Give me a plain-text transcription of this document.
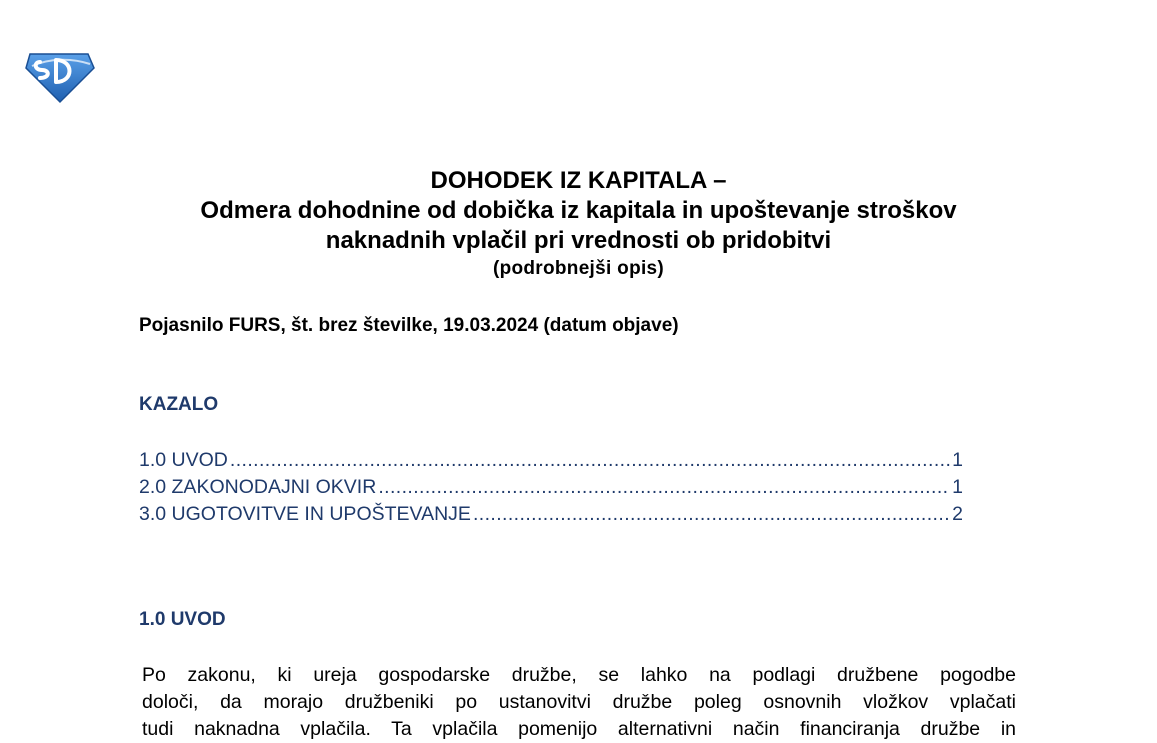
DOHODEK IZ KAPITALA –

Odmera dohodnine od dobička iz kapitala in upoštevanje stroškov

naknadnih vplačil pri vrednosti ob pridobitvi

(podrobnejši opis)
Pojasnilo FURS, št. brez številke, 19.03.2024 (datum objave)
KAZALO
1.0 UVOD .....	1
2.0 ZAKONODAJNI OKVIR .....	1
3.0 UGOTOVITVE IN UPOŠTEVANJE .....	2
1.0 UVOD
Po zakonu, ki ureja gospodarske družbe, se lahko na podlagi družbene pogodbe
določi, da morajo družbeniki po ustanovitvi družbe poleg osnovnih vložkov vplačati
tudi naknadna vplačila. Ta vplačila pomenijo alternativni način financiranja družbe in
